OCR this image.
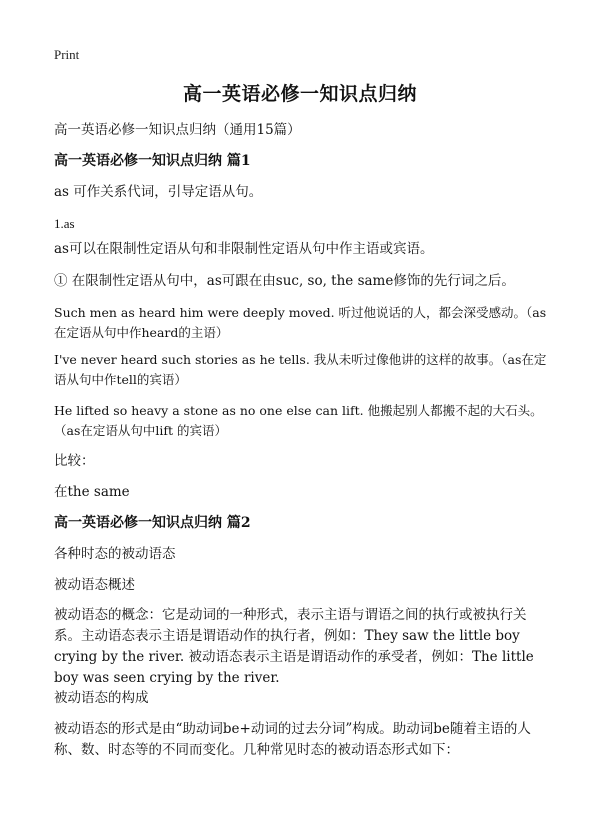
Print
高一英语必修一知识点归纳
高一英语必修一知识点归纳（通用15篇）
高一英语必修一知识点归纳 篇1
as 可作关系代词，引导定语从句。
1.as
as可以在限制性定语从句和非限制性定语从句中作主语或宾语。
① 在限制性定语从句中，as可跟在由suc, so, the same修饰的先行词之后。
Such men as heard him were deeply moved. 听过他说话的人，都会深受感动。（as在定语从句中作heard的主语）
I've never heard such stories as he tells. 我从未听过像他讲的这样的故事。（as在定语从句中作tell的宾语）
He lifted so heavy a stone as no one else can lift. 他搬起别人都搬不起的大石头。（as在定语从句中lift 的宾语）
比较：
在the same
高一英语必修一知识点归纳 篇2
各种时态的被动语态
被动语态概述
被动语态的概念：它是动词的一种形式，表示主语与谓语之间的执行或被执行关系。主动语态表示主语是谓语动作的执行者，例如：They saw the little boy crying by the river. 被动语态表示主语是谓语动作的承受者，例如：The little boy was seen crying by the river.
被动语态的构成
被动语态的形式是由“助动词be+动词的过去分词”构成。助动词be随着主语的人称、数、时态等的不同而变化。几种常见时态的被动语态形式如下：
